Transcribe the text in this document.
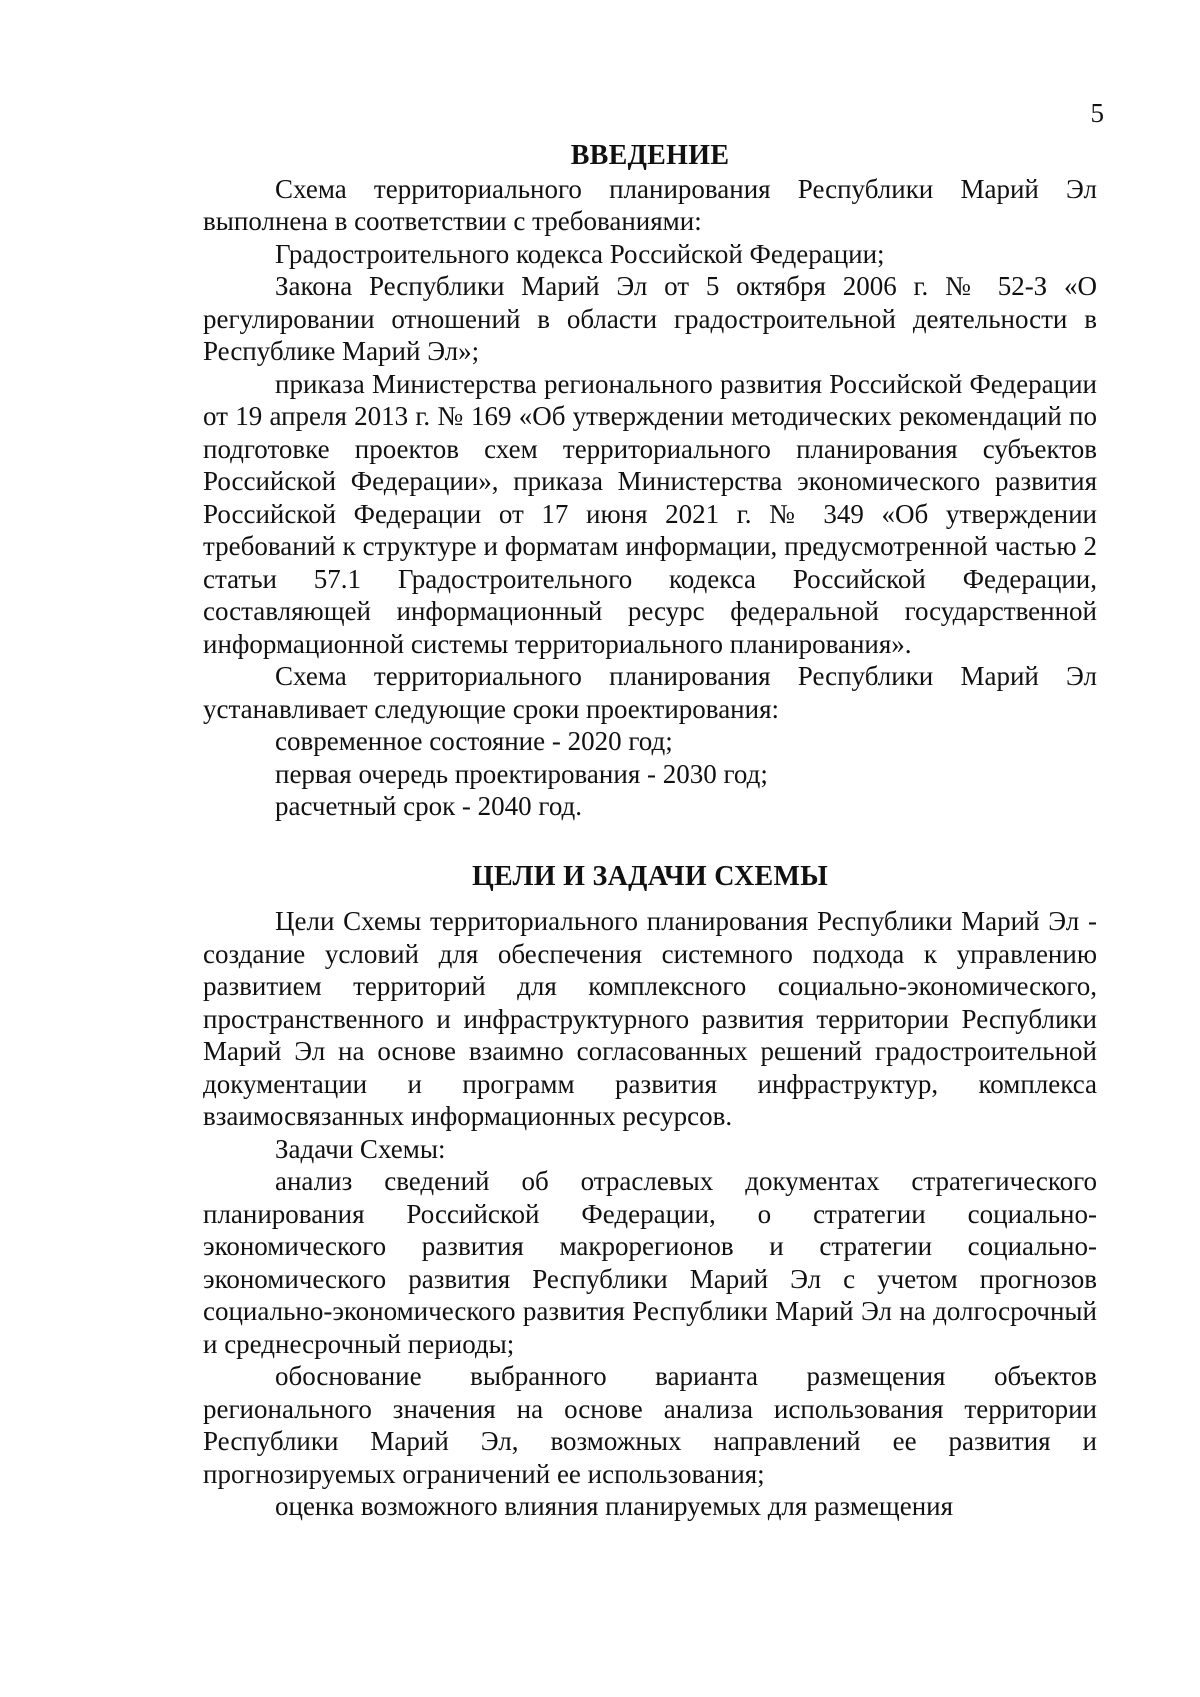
5
ВВЕДЕНИЕ

Схема территориального планирования Республики Марий Эл выполнена в соответствии с требованиями:

Градостроительного кодекса Российской Федерации;

Закона Республики Марий Эл от 5 октября 2006 г. № 52-З «О регулировании отношений в области градостроительной деятельности в Республике Марий Эл»;

приказа Министерства регионального развития Российской Федерации от 19 апреля 2013 г. № 169 «Об утверждении методических рекомендаций по подготовке проектов схем территориального планирования субъектов Российской Федерации», приказа Министерства экономического развития Российской Федерации от 17 июня 2021 г. № 349 «Об утверждении требований к структуре и форматам информации, предусмотренной частью 2 статьи 57.1 Градостроительного кодекса Российской Федерации, составляющей информационный ресурс федеральной государственной информационной системы территориального планирования».

Схема территориального планирования Республики Марий Эл устанавливает следующие сроки проектирования:

современное состояние - 2020 год;

первая очередь проектирования - 2030 год;

расчетный срок - 2040 год.

ЦЕЛИ И ЗАДАЧИ СХЕМЫ

Цели Схемы территориального планирования Республики Марий Эл - создание условий для обеспечения системного подхода к управлению развитием территорий для комплексного социально-экономического, пространственного и инфраструктурного развития территории Республики Марий Эл на основе взаимно согласованных решений градостроительной документации и программ развития инфраструктур, комплекса взаимосвязанных информационных ресурсов.

Задачи Схемы:

анализ сведений об отраслевых документах стратегического планирования Российской Федерации, о стратегии социально-экономического развития макрорегионов и стратегии социально-экономического развития Республики Марий Эл с учетом прогнозов социально-экономического развития Республики Марий Эл на долгосрочный и среднесрочный периоды;

обоснование выбранного варианта размещения объектов регионального значения на основе анализа использования территории Республики Марий Эл, возможных направлений ее развития и прогнозируемых ограничений ее использования;

оценка возможного влияния планируемых для размещения
